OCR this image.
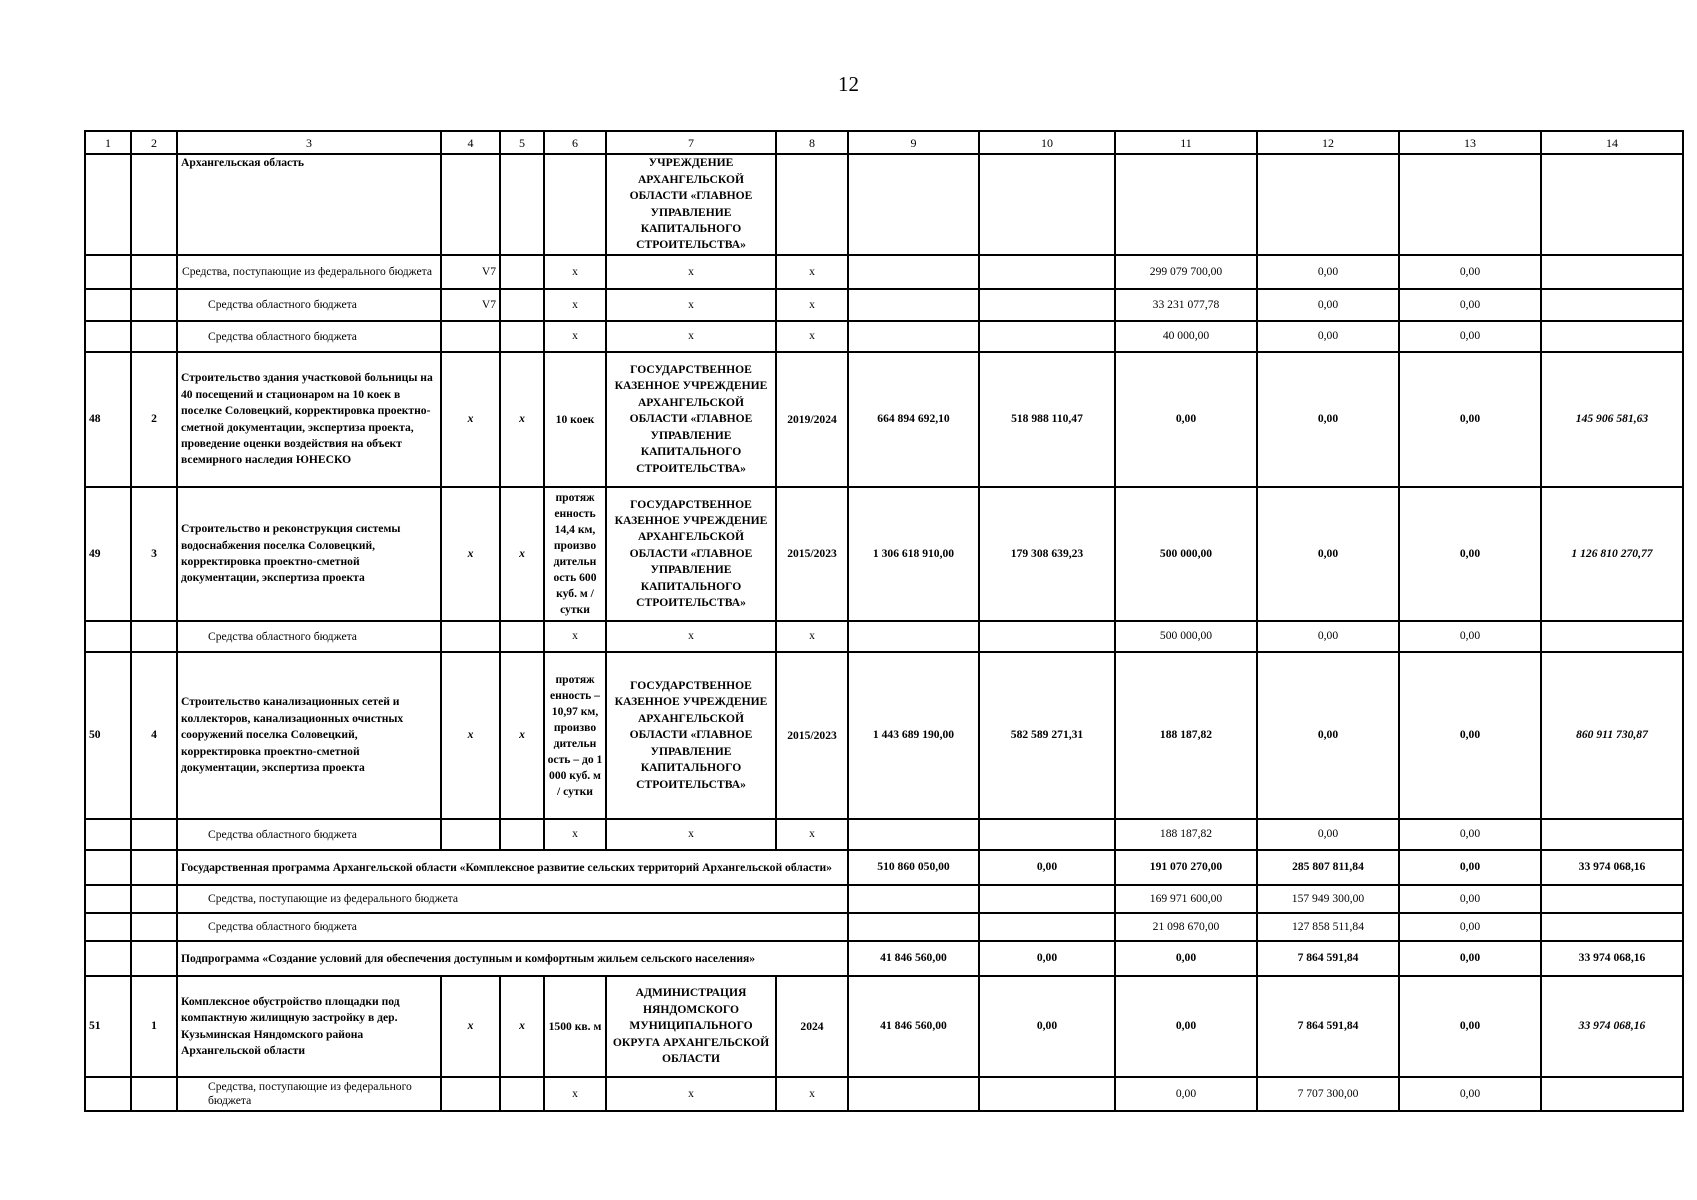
12
1	2	3	4	5	6	7	8	9	10	11	12	13	14
		Архангельская область				УЧРЕЖДЕНИЕ АРХАНГЕЛЬСКОЙ ОБЛАСТИ «ГЛАВНОЕ УПРАВЛЕНИЕ КАПИТАЛЬНОГО СТРОИТЕЛЬСТВА»							
		Средства, поступающие из федерального бюджета	V7		x	x	x			299 079 700,00	0,00	0,00	
		Средства областного бюджета	V7		x	x	x			33 231 077,78	0,00	0,00	
		Средства областного бюджета			x	x	x			40 000,00	0,00	0,00	
48	2	Строительство здания участковой больницы на 40 посещений и стационаром на 10 коек в поселке Соловецкий, корректировка проектно-сметной документации, экспертиза проекта, проведение оценки воздействия на объект всемирного наследия ЮНЕСКО	x	x	10 коек	ГОСУДАРСТВЕННОЕ КАЗЕННОЕ УЧРЕЖДЕНИЕ АРХАНГЕЛЬСКОЙ ОБЛАСТИ «ГЛАВНОЕ УПРАВЛЕНИЕ КАПИТАЛЬНОГО СТРОИТЕЛЬСТВА»	2019/2024	664 894 692,10	518 988 110,47	0,00	0,00	0,00	145 906 581,63
49	3	Строительство и реконструкция системы водоснабжения поселка Соловецкий, корректировка проектно-сметной документации, экспертиза проекта	x	x	протяж енность 14,4 км, произво дительн ость 600 куб. м / сутки	ГОСУДАРСТВЕННОЕ КАЗЕННОЕ УЧРЕЖДЕНИЕ АРХАНГЕЛЬСКОЙ ОБЛАСТИ «ГЛАВНОЕ УПРАВЛЕНИЕ КАПИТАЛЬНОГО СТРОИТЕЛЬСТВА»	2015/2023	1 306 618 910,00	179 308 639,23	500 000,00	0,00	0,00	1 126 810 270,77
		Средства областного бюджета			x	x	x			500 000,00	0,00	0,00	
50	4	Строительство канализационных сетей и коллекторов, канализационных очистных сооружений поселка Соловецкий, корректировка проектно-сметной документации, экспертиза проекта	x	x	протяж енность – 10,97 км, произво дительн ость – до 1 000 куб. м / сутки	ГОСУДАРСТВЕННОЕ КАЗЕННОЕ УЧРЕЖДЕНИЕ АРХАНГЕЛЬСКОЙ ОБЛАСТИ «ГЛАВНОЕ УПРАВЛЕНИЕ КАПИТАЛЬНОГО СТРОИТЕЛЬСТВА»	2015/2023	1 443 689 190,00	582 589 271,31	188 187,82	0,00	0,00	860 911 730,87
		Средства областного бюджета			x	x	x			188 187,82	0,00	0,00	
		Государственная программа Архангельской области «Комплексное развитие сельских территорий Архангельской области»						510 860 050,00	0,00	191 070 270,00	285 807 811,84	0,00	33 974 068,16
		Средства, поступающие из федерального бюджета								169 971 600,00	157 949 300,00	0,00	
		Средства областного бюджета								21 098 670,00	127 858 511,84	0,00	
		Подпрограмма «Создание условий для обеспечения доступным и комфортным жильем сельского населения»						41 846 560,00	0,00	0,00	7 864 591,84	0,00	33 974 068,16
51	1	Комплексное обустройство площадки под компактную жилищную застройку в дер. Кузьминская Няндомского района Архангельской области	x	x	1500 кв. м	АДМИНИСТРАЦИЯ НЯНДОМСКОГО МУНИЦИПАЛЬНОГО ОКРУГА АРХАНГЕЛЬСКОЙ ОБЛАСТИ	2024	41 846 560,00	0,00	0,00	7 864 591,84	0,00	33 974 068,16
		Средства, поступающие из федерального бюджета			x	x	x			0,00	7 707 300,00	0,00	
